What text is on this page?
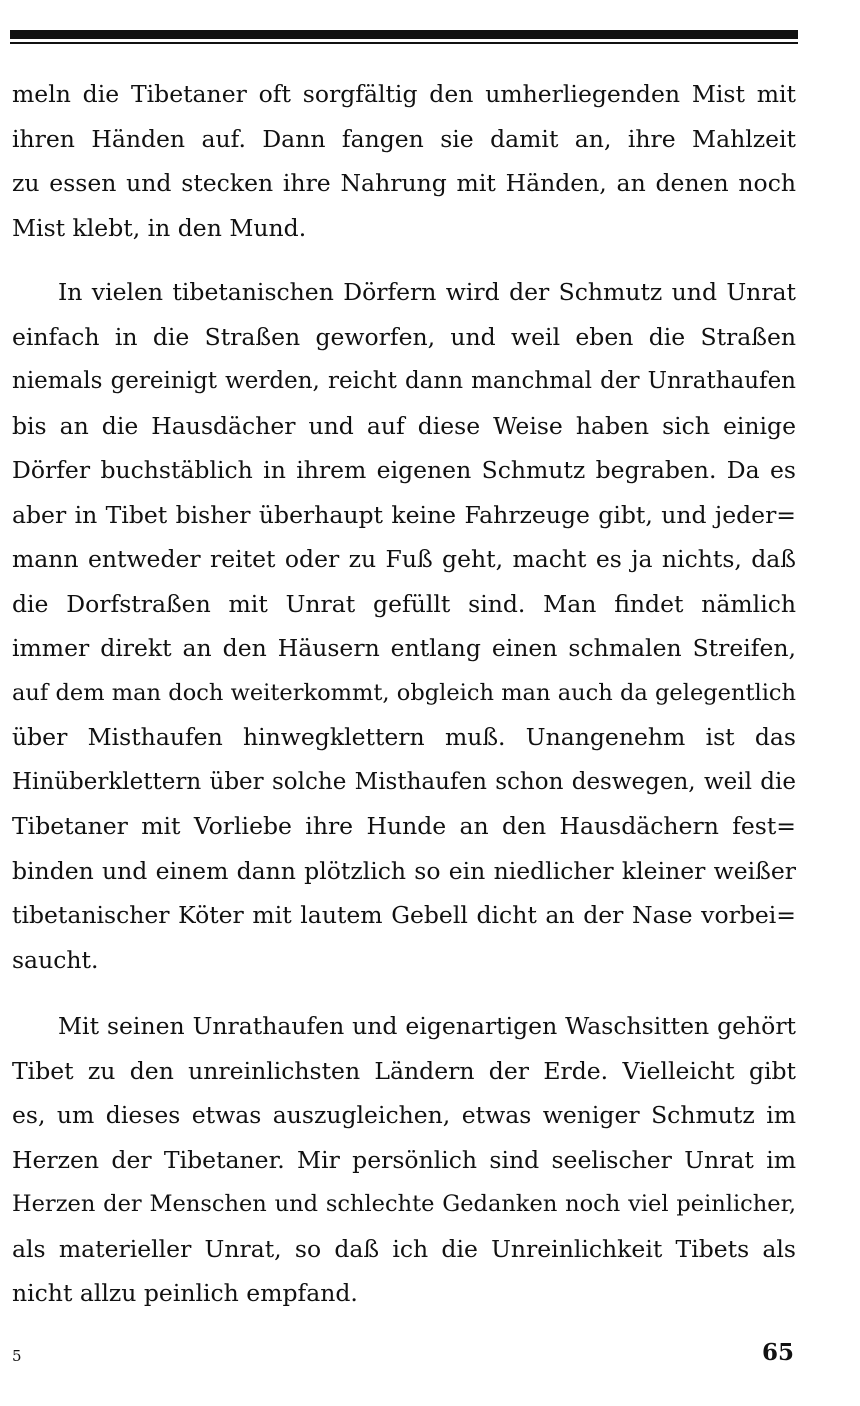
meln die Tibetaner oft sorgfältig den umherliegenden Mist mit
ihren Händen auf. Dann fangen sie damit an, ihre Mahlzeit
zu essen und stecken ihre Nahrung mit Händen, an denen noch
Mist klebt, in den Mund.
In vielen tibetanischen Dörfern wird der Schmutz und Unrat
einfach in die Straßen geworfen, und weil eben die Straßen
niemals gereinigt werden, reicht dann manchmal der Unrathaufen
bis an die Hausdächer und auf diese Weise haben sich einige
Dörfer buchstäblich in ihrem eigenen Schmutz begraben. Da es
aber in Tibet bisher überhaupt keine Fahrzeuge gibt, und jeder=
mann entweder reitet oder zu Fuß geht, macht es ja nichts, daß
die Dorfstraßen mit Unrat gefüllt sind. Man findet nämlich
immer direkt an den Häusern entlang einen schmalen Streifen,
auf dem man doch weiterkommt, obgleich man auch da gelegentlich
über Misthaufen hinwegklettern muß. Unangenehm ist das
Hinüberklettern über solche Misthaufen schon deswegen, weil die
Tibetaner mit Vorliebe ihre Hunde an den Hausdächern fest=
binden und einem dann plötzlich so ein niedlicher kleiner weißer
tibetanischer Köter mit lautem Gebell dicht an der Nase vorbei=
saucht.
Mit seinen Unrathaufen und eigenartigen Waschsitten gehört
Tibet zu den unreinlichsten Ländern der Erde. Vielleicht gibt
es, um dieses etwas auszugleichen, etwas weniger Schmutz im
Herzen der Tibetaner. Mir persönlich sind seelischer Unrat im
Herzen der Menschen und schlechte Gedanken noch viel peinlicher,
als materieller Unrat, so daß ich die Unreinlichkeit Tibets als
nicht allzu peinlich empfand.
5	65
